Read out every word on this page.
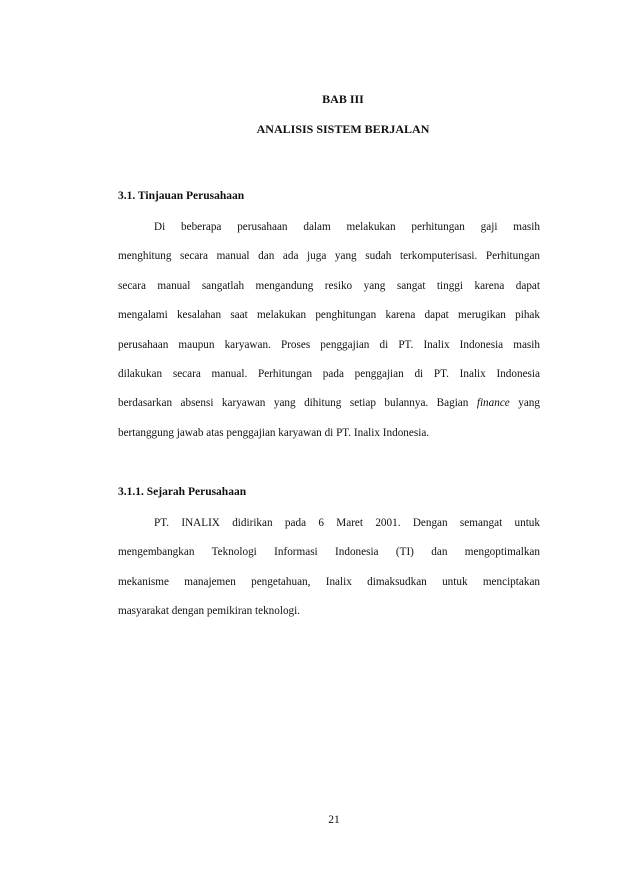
BAB III
ANALISIS SISTEM BERJALAN
3.1. Tinjauan Perusahaan
Di beberapa perusahaan dalam melakukan perhitungan gaji masih
menghitung secara manual dan ada juga yang sudah terkomputerisasi. Perhitungan
secara manual sangatlah mengandung resiko yang sangat tinggi karena dapat
mengalami kesalahan saat melakukan penghitungan karena dapat merugikan pihak
perusahaan maupun karyawan. Proses penggajian di PT. Inalix Indonesia masih
dilakukan secara manual. Perhitungan pada penggajian di PT. Inalix Indonesia
berdasarkan absensi karyawan yang dihitung setiap bulannya. Bagian finance yang
bertanggung jawab atas penggajian karyawan di PT. Inalix Indonesia.
3.1.1. Sejarah Perusahaan
PT. INALIX didirikan pada 6 Maret 2001. Dengan semangat untuk
mengembangkan Teknologi Informasi Indonesia (TI) dan mengoptimalkan
mekanisme manajemen pengetahuan, Inalix dimaksudkan untuk menciptakan
masyarakat dengan pemikiran teknologi.
21
